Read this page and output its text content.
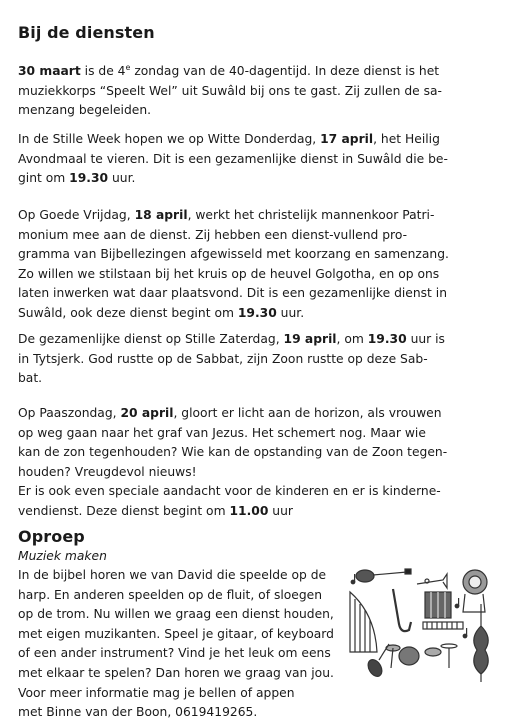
Bij de diensten
30 maart is de 4e zondag van de 40-dagentijd. In deze dienst is het
muziekkorps “Speelt Wel” uit Suwâld bij ons te gast. Zij zullen de sa-
menzang begeleiden.
In de Stille Week hopen we op Witte Donderdag, 17 april, het Heilig
Avondmaal te vieren. Dit is een gezamenlijke dienst in Suwâld die be-
gint om 19.30 uur.
Op Goede Vrijdag, 18 april, werkt het christelijk mannenkoor Patri-
monium mee aan de dienst. Zij hebben een dienst-vullend pro-
gramma van Bijbellezingen afgewisseld met koorzang en samenzang.
Zo willen we stilstaan bij het kruis op de heuvel Golgotha, en op ons
laten inwerken wat daar plaatsvond. Dit is een gezamenlijke dienst in
Suwâld, ook deze dienst begint om 19.30 uur.
De gezamenlijke dienst op Stille Zaterdag, 19 april, om 19.30 uur is
in Tytsjerk. God rustte op de Sabbat, zijn Zoon rustte op deze Sab-
bat.
Op Paaszondag, 20 april, gloort er licht aan de horizon, als vrouwen
op weg gaan naar het graf van Jezus. Het schemert nog. Maar wie
kan de zon tegenhouden? Wie kan de opstanding van de Zoon tegen-
houden? Vreugdevol nieuws!
Er is ook even speciale aandacht voor de kinderen en er is kinderne-
vendienst. Deze dienst begint om 11.00 uur
Oproep
Muziek maken
In de bijbel horen we van David die speelde op de
harp. En anderen speelden op de fluit, of sloegen
op de trom. Nu willen we graag een dienst houden,
met eigen muzikanten. Speel je gitaar, of keyboard
of een ander instrument? Vind je het leuk om eens
met elkaar te spelen? Dan horen we graag van jou.
Voor meer informatie mag je bellen of appen
met Binne van der Boon, 0619419265.
